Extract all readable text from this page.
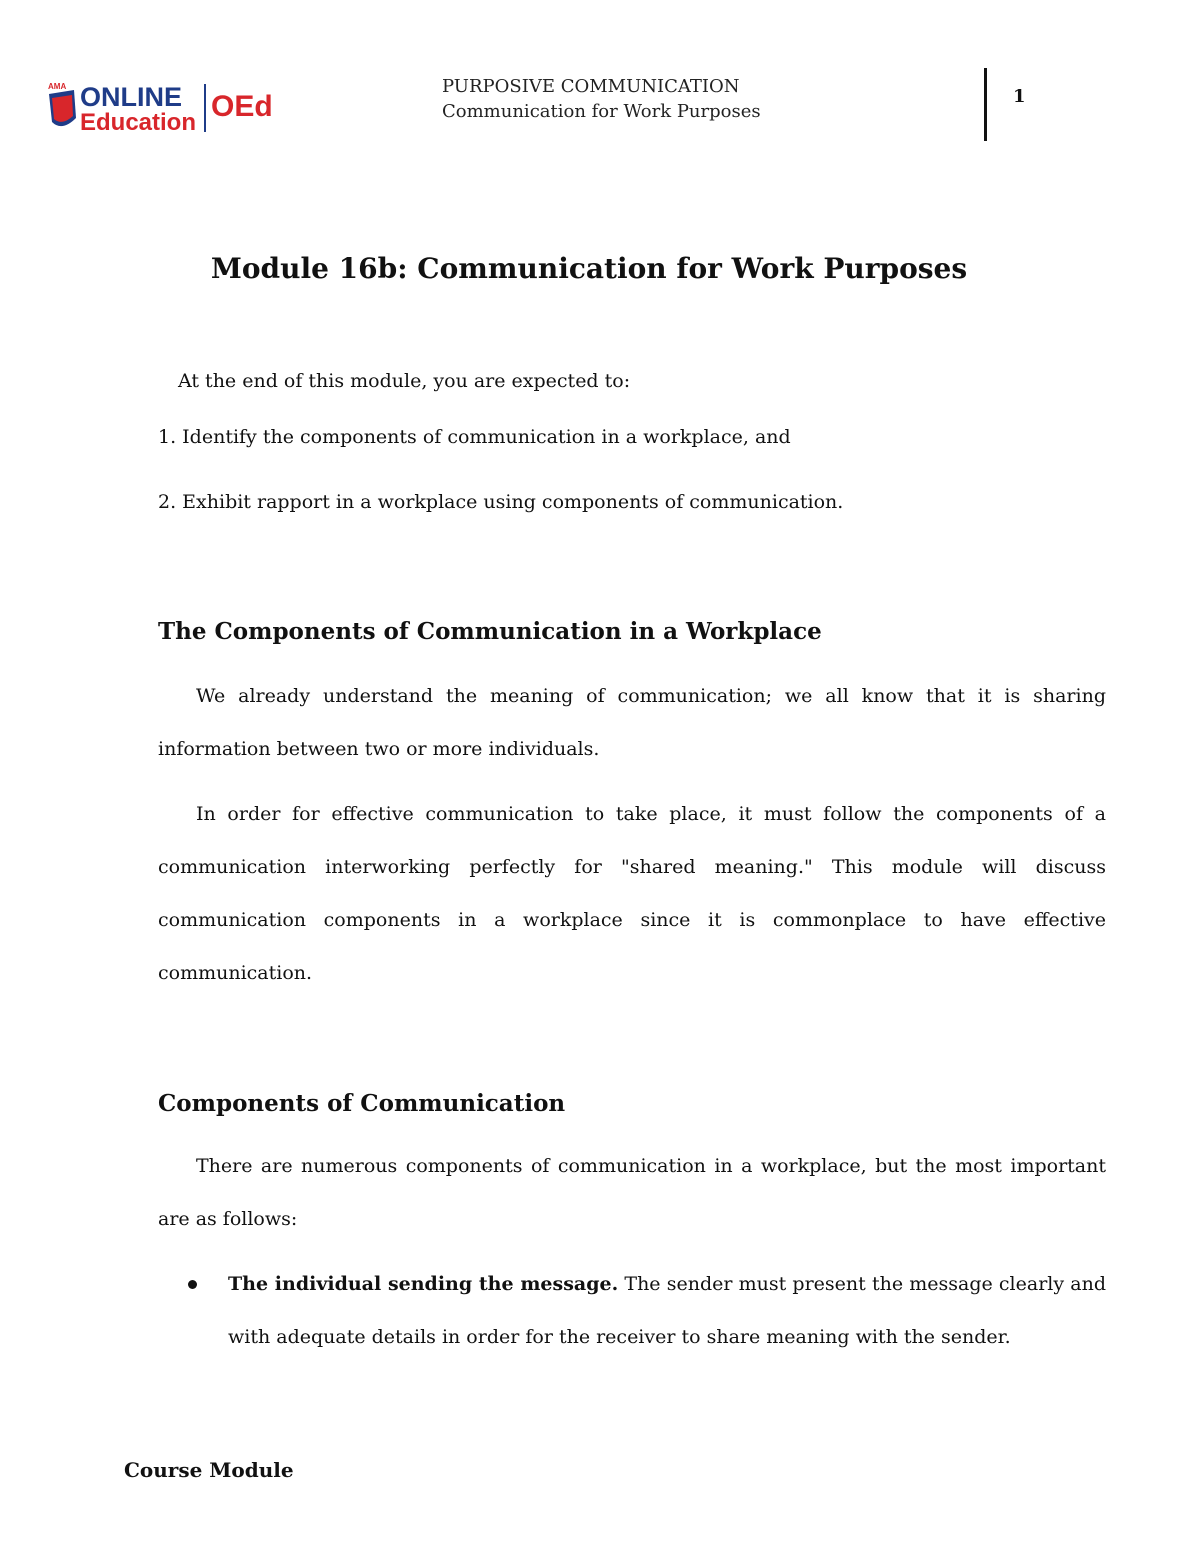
AMA ONLINE
Education OEd
PURPOSIVE COMMUNICATION
Communication for Work Purposes
1
Module 16b: Communication for Work Purposes
At the end of this module, you are expected to:
1. Identify the components of communication in a workplace, and
2. Exhibit rapport in a workplace using components of communication.
The Components of Communication in a Workplace
We already understand the meaning of communication; we all know that it is sharing information between two or more individuals.
In order for effective communication to take place, it must follow the components of a communication interworking perfectly for "shared meaning." This module will discuss communication components in a workplace since it is commonplace to have effective communication.
Components of Communication
There are numerous components of communication in a workplace, but the most important are as follows:
The individual sending the message. The sender must present the message clearly and with adequate details in order for the receiver to share meaning with the sender.
Course Module
